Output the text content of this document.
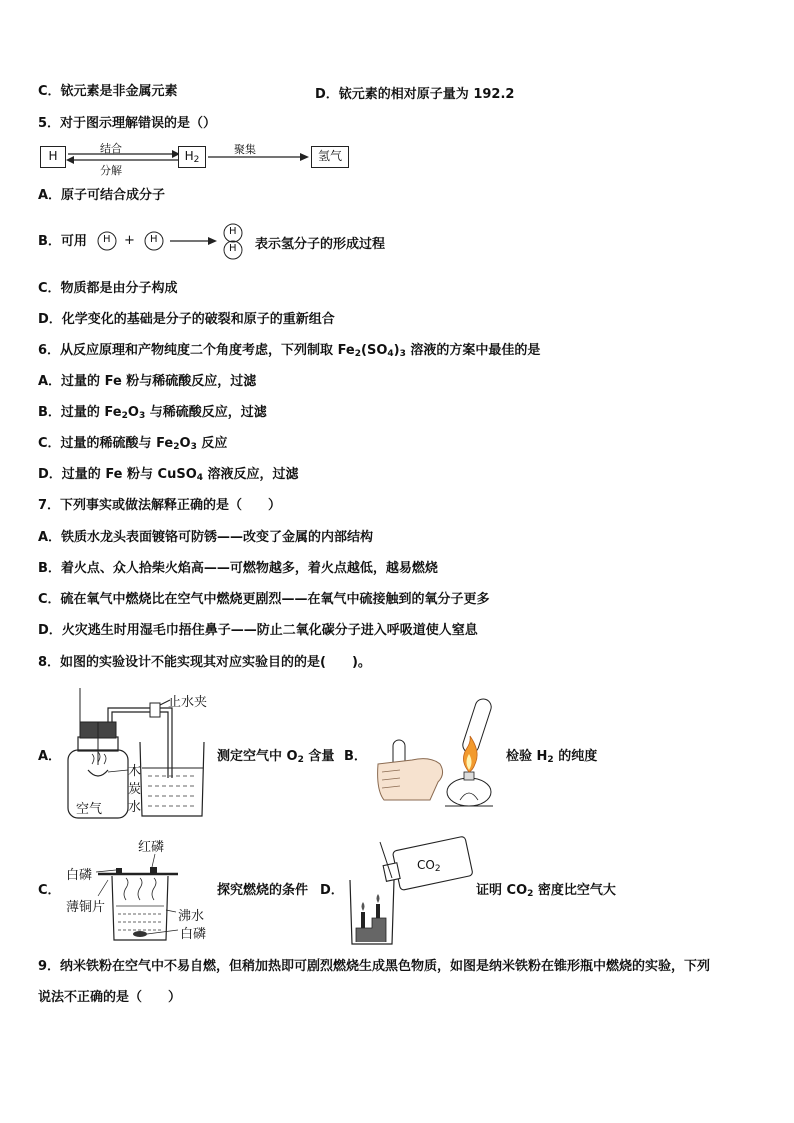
C．铱元素是非金属元素	D．铱元素的相对原子量为 192.2
5．对于图示理解错误的是（）
H
结合
分解
$H_2$
聚集	氢气
A．原子可结合成分子
B．可用 H + H
H
H 表示氢分子的形成过程
C．物质都是由分子构成
D．化学变化的基础是分子的破裂和原子的重新组合
6．从反应原理和产物纯度二个角度考虑，下列制取 $Fe_2(SO_4)_3$ 溶液的方案中最佳的是
A．过量的 Fe 粉与稀硫酸反应，过滤
B．过量的 $Fe_2O_3$ 与稀硫酸反应，过滤
C．过量的稀硫酸与 $Fe_2O_3$ 反应
D．过量的 Fe 粉与 CuSO$_4$ 溶液反应，过滤
7．下列事实或做法解释正确的是（　　）
A．铁质水龙头表面镀铬可防锈——改变了金属的内部结构
B．着火点、众人拾柴火焰高——可燃物越多，着火点越低，越易燃烧
C．硫在氧气中燃烧比在空气中燃烧更剧烈——在氧气中硫接触到的氧分子更多
D．火灾逃生时用湿毛巾捂住鼻子——防止二氧化碳分子进入呼吸道使人窒息
8．如图的实验设计不能实现其对应实验目的的是(　　)。
A．
止水夹
木
炭
水
空气
测定空气中 $O_2$ 含量 B．	检验 $H_2$ 的纯度
C．
红磷
白磷
薄铜片
沸水
白磷
探究燃烧的条件 D．
$CO_2$
证明 $CO_2$ 密度比空气大
9．纳米铁粉在空气中不易自燃，但稍加热即可剧烈燃烧生成黑色物质，如图是纳米铁粉在锥形瓶中燃烧的实验，下列
说法不正确的是（　　）
